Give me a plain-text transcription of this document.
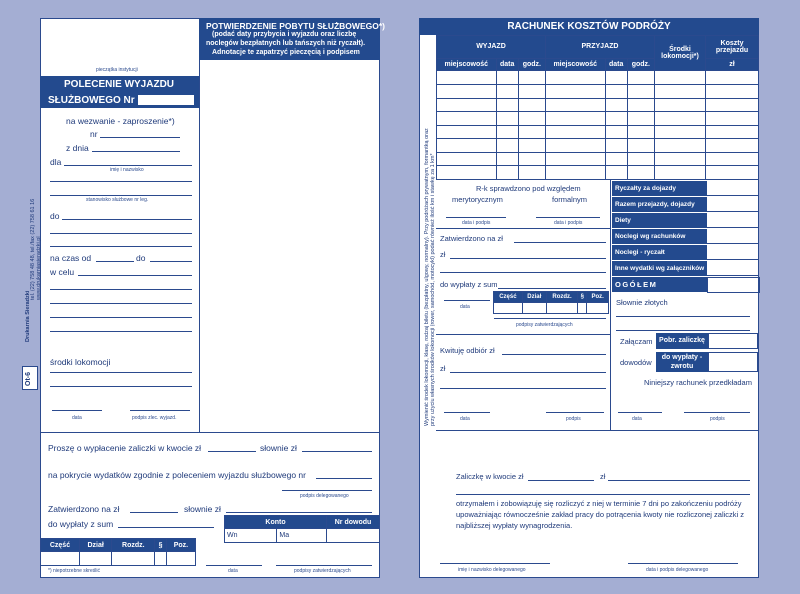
pieczątka instytucji
POLECENIE WYJAZDU
SŁUŻBOWEGO Nr
na wezwanie - zaproszenie*)
nr
z dnia
dla
imię i nazwisko
stanowisko służbowe nr leg.
do
na czas od	do
w celu
środki lokomocji
data	podpis zlec. wyjazd.
POTWIERDZENIE POBYTU SŁUŻBOWEGO*)
(podać daty przybycia i wyjazdu oraz liczbę
noclegów bezpłatnych lub tańszych niż ryczałt).
Adnotacje te zapatrzyć pieczęcią i podpisem
Proszę o wypłacenie zaliczki w kwocie zł	słownie zł
na pokrycie wydatków zgodnie z poleceniem wyjazdu służbowego nr
podpis delegowanego
Zatwierdzono na zł	słownie zł
do wypłaty z sum	Konto		Nr dowodu
Wn	Ma	
Część	Dział	Rozdz.	§	Poz.

*) niepotrzebne skreślić	data	podpisy zatwierdzających
Ot-6
Drukarnia Sieradzki
tel. (22) 758 48 48, tel./fax (22) 758 61 16 www.drukarniasieradzki.pl
RACHUNEK KOSZTÓW PODRÓŻY
Wymienić środek lokomocji, klasę, rodzaj biletu (bezpłatny, ulgowy, normalny). Przy podróżach prywatnym, formantką oraz przy użyciu własnych środków lokomocji (rower, samochód, motocykl) podać również ilość km i stawkę za 1 km*
WYJAZD			PRZYJAZD			Środki lokomocji*)	Koszty przejazdu
miejscowość	data	godz.	miejscowość	data	godz.		zł

R-k sprawdzono pod względem
merytorycznym	formalnym
data i podpis	data i podpis
Zatwierdzono na zł
zł
do wypłaty z sum
Część	Dział	Rozdz.	§	Poz.

data
podpisy zatwierdzających
Kwituję odbiór zł
zł
data	podpis
Ryczałty za dojazdy
Razem przejazdy, dojazdy
Diety
Noclegi wg rachunków
Noclegi - ryczałt
Inne wydatki wg załączników
OGÓŁEM
Słownie złotych
Załączam
dowodów
Pobr. zaliczkę
do wypłaty - zwrotu
Niniejszy rachunek przedkładam
data	podpis
Zaliczkę w kwocie zł	zł
otrzymałem i zobowiązuję się rozliczyć z niej w terminie 7 dni po zakończeniu podróży upoważniając równocześnie zakład pracy do potrącenia kwoty nie rozliczonej zaliczki z najbliższej wypłaty wynagrodzenia.
imię i nazwisko delegowanego	data i podpis delegowanego
